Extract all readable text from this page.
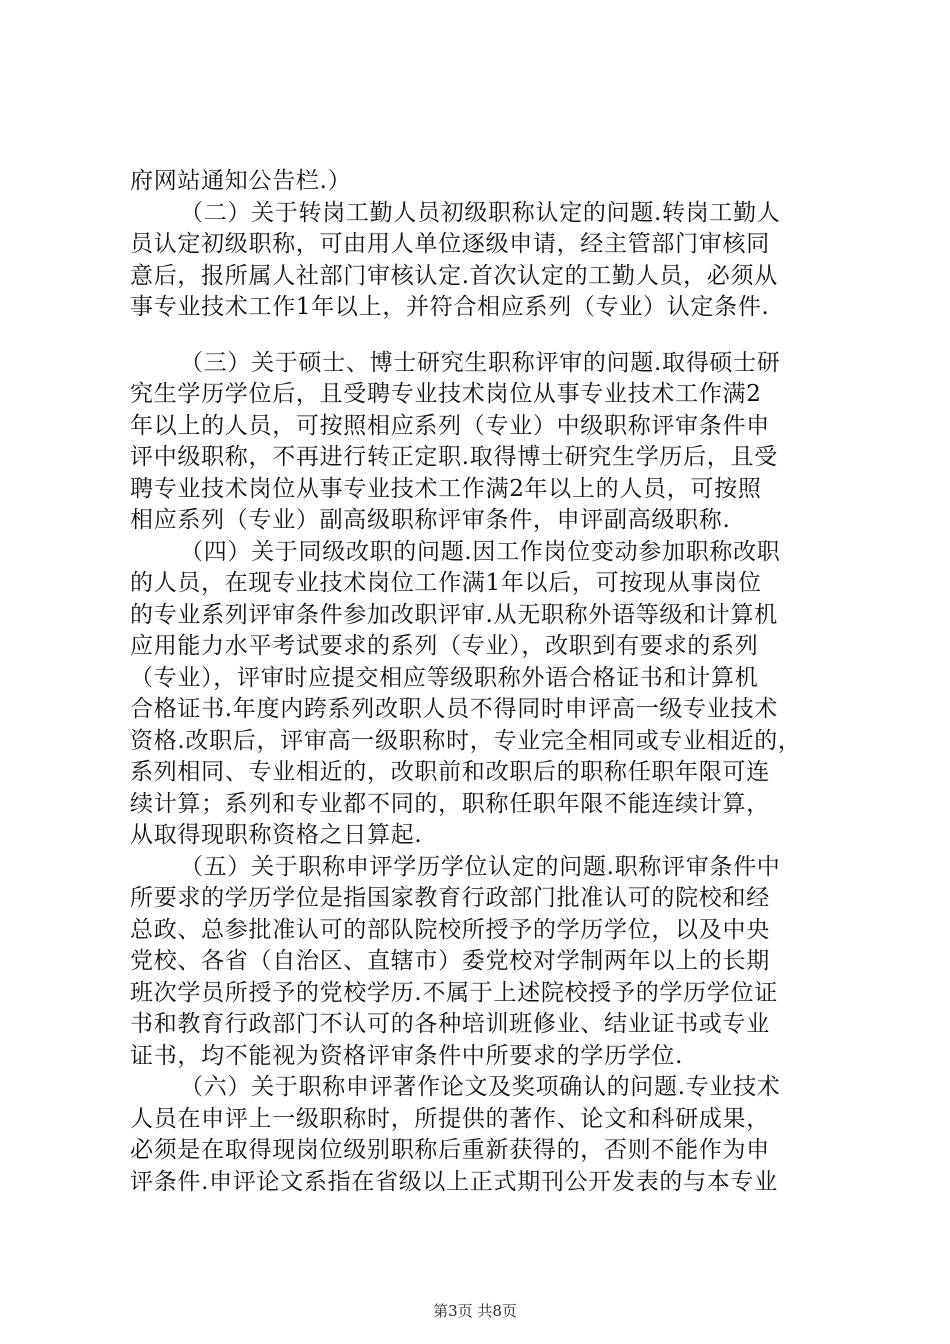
府网站通知公告栏.）
（二）关于转岗工勤人员初级职称认定的问题.转岗工勤人
员认定初级职称，可由用人单位逐级申请，经主管部门审核同
意后，报所属人社部门审核认定.首次认定的工勤人员，必须从
事专业技术工作1年以上，并符合相应系列（专业）认定条件.
（三）关于硕士、博士研究生职称评审的问题.取得硕士研
究生学历学位后，且受聘专业技术岗位从事专业技术工作满2
年以上的人员，可按照相应系列（专业）中级职称评审条件申
评中级职称，不再进行转正定职.取得博士研究生学历后，且受
聘专业技术岗位从事专业技术工作满2年以上的人员，可按照
相应系列（专业）副高级职称评审条件，申评副高级职称.
（四）关于同级改职的问题.因工作岗位变动参加职称改职
的人员，在现专业技术岗位工作满1年以后，可按现从事岗位
的专业系列评审条件参加改职评审.从无职称外语等级和计算机
应用能力水平考试要求的系列（专业），改职到有要求的系列
（专业），评审时应提交相应等级职称外语合格证书和计算机
合格证书.年度内跨系列改职人员不得同时申评高一级专业技术
资格.改职后，评审高一级职称时，专业完全相同或专业相近的，
系列相同、专业相近的，改职前和改职后的职称任职年限可连
续计算；系列和专业都不同的，职称任职年限不能连续计算，
从取得现职称资格之日算起.
（五）关于职称申评学历学位认定的问题.职称评审条件中
所要求的学历学位是指国家教育行政部门批准认可的院校和经
总政、总参批准认可的部队院校所授予的学历学位，以及中央
党校、各省（自治区、直辖市）委党校对学制两年以上的长期
班次学员所授予的党校学历.不属于上述院校授予的学历学位证
书和教育行政部门不认可的各种培训班修业、结业证书或专业
证书，均不能视为资格评审条件中所要求的学历学位.
（六）关于职称申评著作论文及奖项确认的问题.专业技术
人员在申评上一级职称时，所提供的著作、论文和科研成果，
必须是在取得现岗位级别职称后重新获得的，否则不能作为申
评条件.申评论文系指在省级以上正式期刊公开发表的与本专业
第3页 共8页
